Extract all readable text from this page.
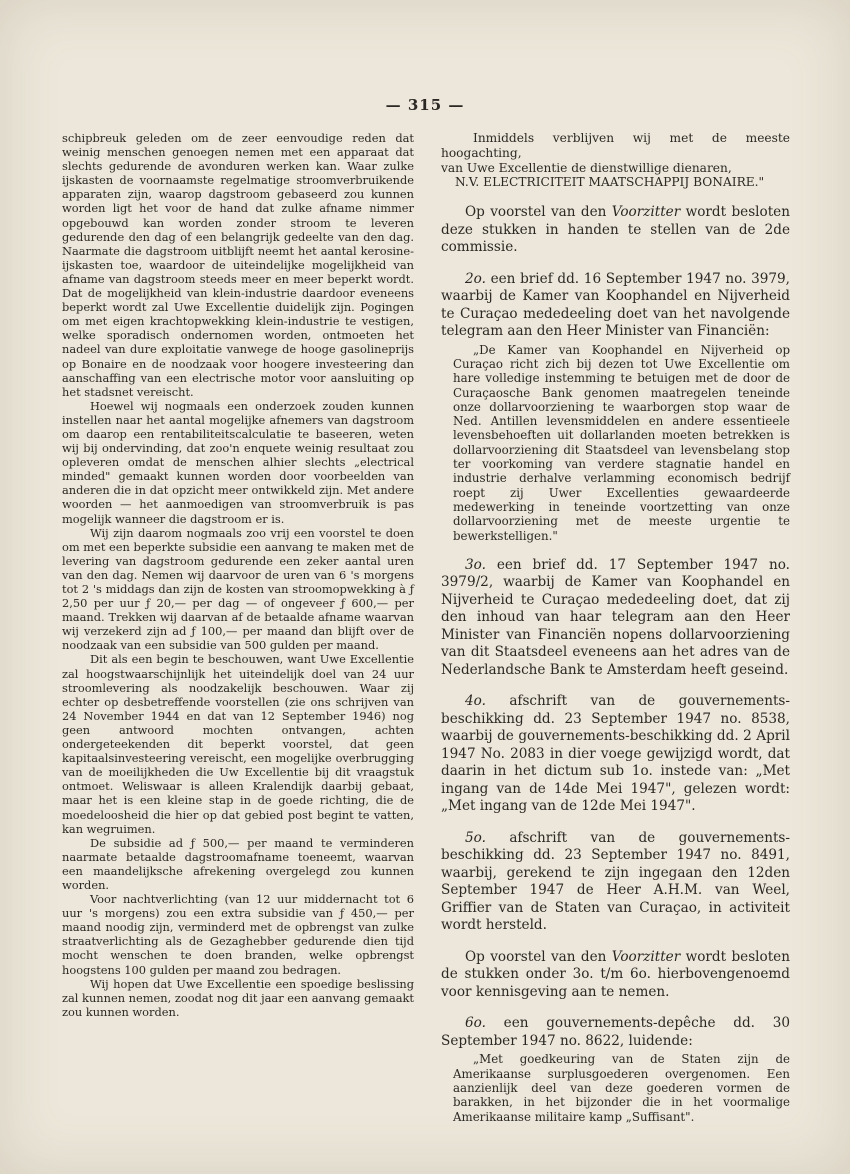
— 315 —

schipbreuk geleden om de zeer eenvoudige reden dat weinig menschen genoegen nemen met een apparaat dat slechts gedurende de avonduren werken kan. Waar zulke ijskasten de voornaamste regelmatige stroomverbruikende apparaten zijn, waarop dagstroom gebaseerd zou kunnen worden ligt het voor de hand dat zulke afname nimmer opgebouwd kan worden zonder stroom te leveren gedurende den dag of een belangrijk gedeelte van den dag. Naarmate die dagstroom uitblijft neemt het aantal kerosine-ijskasten toe, waardoor de uiteindelijke mogelijkheid van afname van dagstroom steeds meer en meer beperkt wordt. Dat de mogelijkheid van klein-industrie daardoor eveneens beperkt wordt zal Uwe Excellentie duidelijk zijn. Pogingen om met eigen krachtopwekking klein-industrie te vestigen, welke sporadisch ondernomen worden, ontmoeten het nadeel van dure exploitatie vanwege de hooge gasolineprijs op Bonaire en de noodzaak voor hoogere investeering dan aanschaffing van een electrische motor voor aansluiting op het stadsnet vereischt.

Hoewel wij nogmaals een onderzoek zouden kunnen instellen naar het aantal mogelijke afnemers van dagstroom om daarop een rentabiliteitscalculatie te baseeren, weten wij bij ondervinding, dat zoo'n enquete weinig resultaat zou opleveren omdat de menschen alhier slechts „electrical minded" gemaakt kunnen worden door voorbeelden van anderen die in dat opzicht meer ontwikkeld zijn. Met andere woorden — het aanmoedigen van stroomverbruik is pas mogelijk wanneer die dagstroom er is.

Wij zijn daarom nogmaals zoo vrij een voorstel te doen om met een beperkte subsidie een aanvang te maken met de levering van dagstroom gedurende een zeker aantal uren van den dag. Nemen wij daarvoor de uren van 6 's morgens tot 2 's middags dan zijn de kosten van stroomopwekking à ƒ 2,50 per uur ƒ 20,— per dag — of ongeveer ƒ 600,— per maand. Trekken wij daarvan af de betaalde afname waarvan wij verzekerd zijn ad ƒ 100,— per maand dan blijft over de noodzaak van een subsidie van 500 gulden per maand.

Dit als een begin te beschouwen, want Uwe Excellentie zal hoogstwaarschijnlijk het uiteindelijk doel van 24 uur stroomlevering als noodzakelijk beschouwen. Waar zij echter op desbetreffende voorstellen (zie ons schrijven van 24 November 1944 en dat van 12 September 1946) nog geen antwoord mochten ontvangen, achten ondergeteekenden dit beperkt voorstel, dat geen kapitaalsinvesteering vereischt, een mogelijke overbrugging van de moeilijkheden die Uw Excellentie bij dit vraagstuk ontmoet. Weliswaar is alleen Kralendijk daarbij gebaat, maar het is een kleine stap in de goede richting, die de moedeloosheid die hier op dat gebied post begint te vatten, kan wegruimen.

De subsidie ad ƒ 500,— per maand te verminderen naarmate betaalde dagstroomafname toeneemt, waarvan een maandelijksche afrekening overgelegd zou kunnen worden.

Voor nachtverlichting (van 12 uur middernacht tot 6 uur 's morgens) zou een extra subsidie van ƒ 450,— per maand noodig zijn, verminderd met de opbrengst van zulke straatverlichting als de Gezaghebber gedurende dien tijd mocht wenschen te doen branden, welke opbrengst hoogstens 100 gulden per maand zou bedragen.

Wij hopen dat Uwe Excellentie een spoedige beslissing zal kunnen nemen, zoodat nog dit jaar een aanvang gemaakt zou kunnen worden.

Inmiddels verblijven wij met de meeste hoogachting,

van Uwe Excellentie de dienstwillige dienaren,

N.V. ELECTRICITEIT MAATSCHAPPIJ BONAIRE."

Op voorstel van den Voorzitter wordt besloten deze stukken in handen te stellen van de 2de commissie.

2o. een brief dd. 16 September 1947 no. 3979, waarbij de Kamer van Koophandel en Nijverheid te Curaçao mededeeling doet van het navolgende telegram aan den Heer Minister van Financiën:

„De Kamer van Koophandel en Nijverheid op Curaçao richt zich bij dezen tot Uwe Excellentie om hare volledige instemming te betuigen met de door de Curaçaosche Bank genomen maatregelen teneinde onze dollarvoorziening te waarborgen stop waar de Ned. Antillen levensmiddelen en andere essentieele levensbehoeften uit dollarlanden moeten betrekken is dollarvoorziening dit Staatsdeel van levensbelang stop ter voorkoming van verdere stagnatie handel en industrie derhalve verlamming economisch bedrijf roept zij Uwer Excellenties gewaardeerde medewerking in teneinde voortzetting van onze dollarvoorziening met de meeste urgentie te bewerkstelligen."

3o. een brief dd. 17 September 1947 no. 3979/2, waarbij de Kamer van Koophandel en Nijverheid te Curaçao mededeeling doet, dat zij den inhoud van haar telegram aan den Heer Minister van Financiën nopens dollarvoorziening van dit Staatsdeel eveneens aan het adres van de Nederlandsche Bank te Amsterdam heeft geseind.

4o. afschrift van de gouvernements-beschikking dd. 23 September 1947 no. 8538, waarbij de gouvernements-beschikking dd. 2 April 1947 No. 2083 in dier voege gewijzigd wordt, dat daarin in het dictum sub 1o. instede van: „Met ingang van de 14de Mei 1947", gelezen wordt: „Met ingang van de 12de Mei 1947".

5o. afschrift van de gouvernements-beschikking dd. 23 September 1947 no. 8491, waarbij, gerekend te zijn ingegaan den 12den September 1947 de Heer A.H.M. van Weel, Griffier van de Staten van Curaçao, in activiteit wordt hersteld.

Op voorstel van den Voorzitter wordt besloten de stukken onder 3o. t/m 6o. hierbovengenoemd voor kennisgeving aan te nemen.

6o. een gouvernements-depêche dd. 30 September 1947 no. 8622, luidende:

„Met goedkeuring van de Staten zijn de Amerikaanse surplusgoederen overgenomen. Een aanzienlijk deel van deze goederen vormen de barakken, in het bijzonder die in het voormalige Amerikaanse militaire kamp „Suffisant".
